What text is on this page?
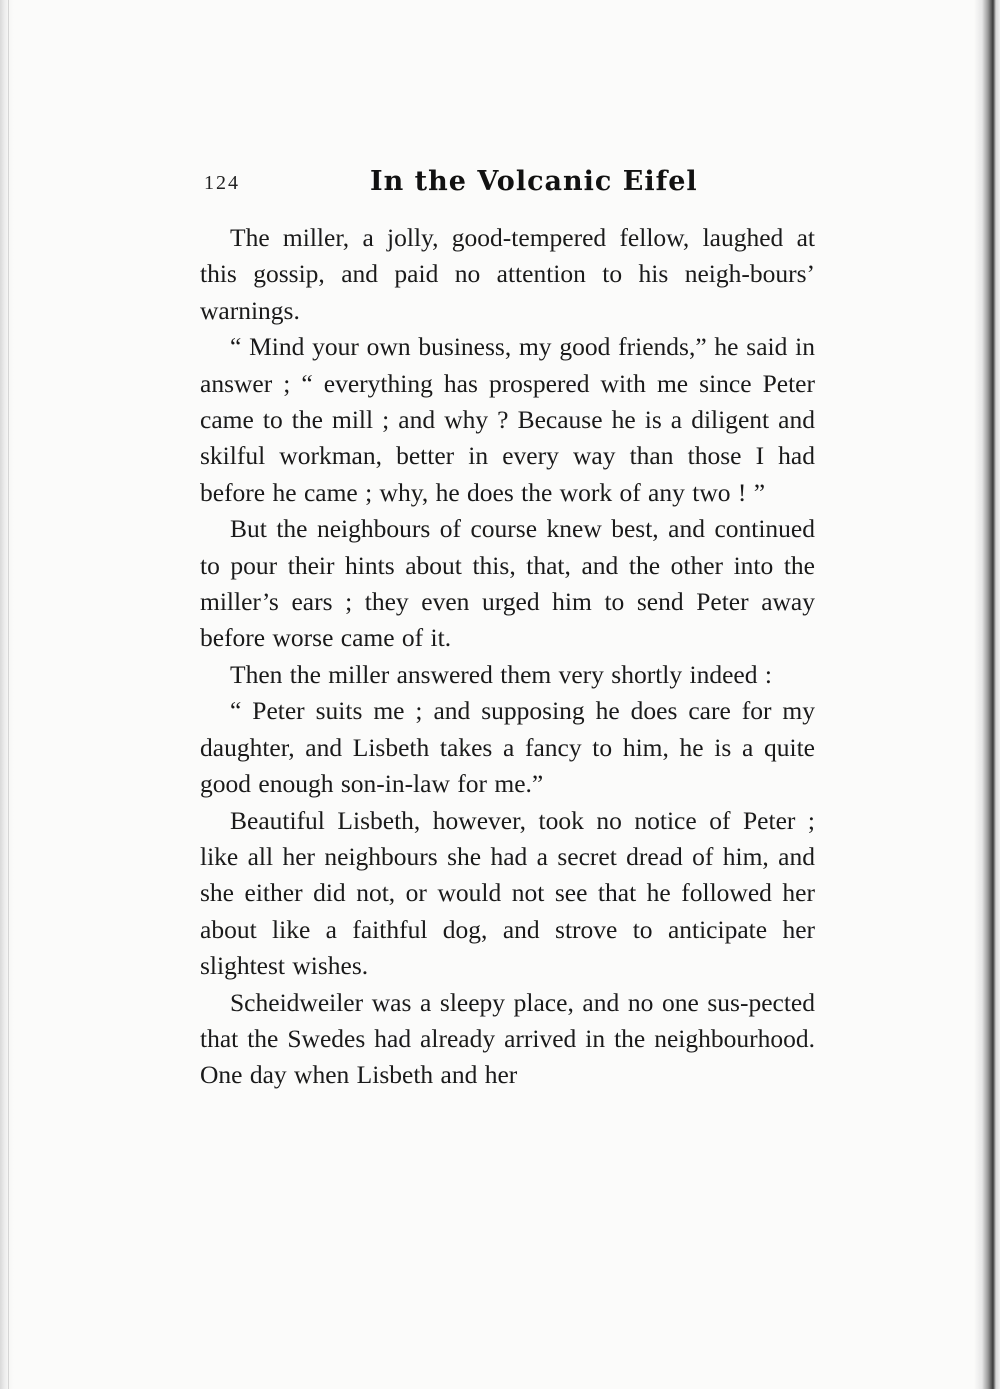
124	In the Volcanic Eifel

The miller, a jolly, good-tempered fellow, laughed at this gossip, and paid no attention to his neigh-bours’ warnings.

“ Mind your own business, my good friends,” he said in answer ; “ everything has prospered with me since Peter came to the mill ; and why ? Because he is a diligent and skilful workman, better in every way than those I had before he came ; why, he does the work of any two ! ”

But the neighbours of course knew best, and continued to pour their hints about this, that, and the other into the miller’s ears ; they even urged him to send Peter away before worse came of it.

Then the miller answered them very shortly indeed :

“ Peter suits me ; and supposing he does care for my daughter, and Lisbeth takes a fancy to him, he is a quite good enough son-in-law for me.”

Beautiful Lisbeth, however, took no notice of Peter ; like all her neighbours she had a secret dread of him, and she either did not, or would not see that he followed her about like a faithful dog, and strove to anticipate her slightest wishes.

Scheidweiler was a sleepy place, and no one sus-pected that the Swedes had already arrived in the neighbourhood. One day when Lisbeth and her
